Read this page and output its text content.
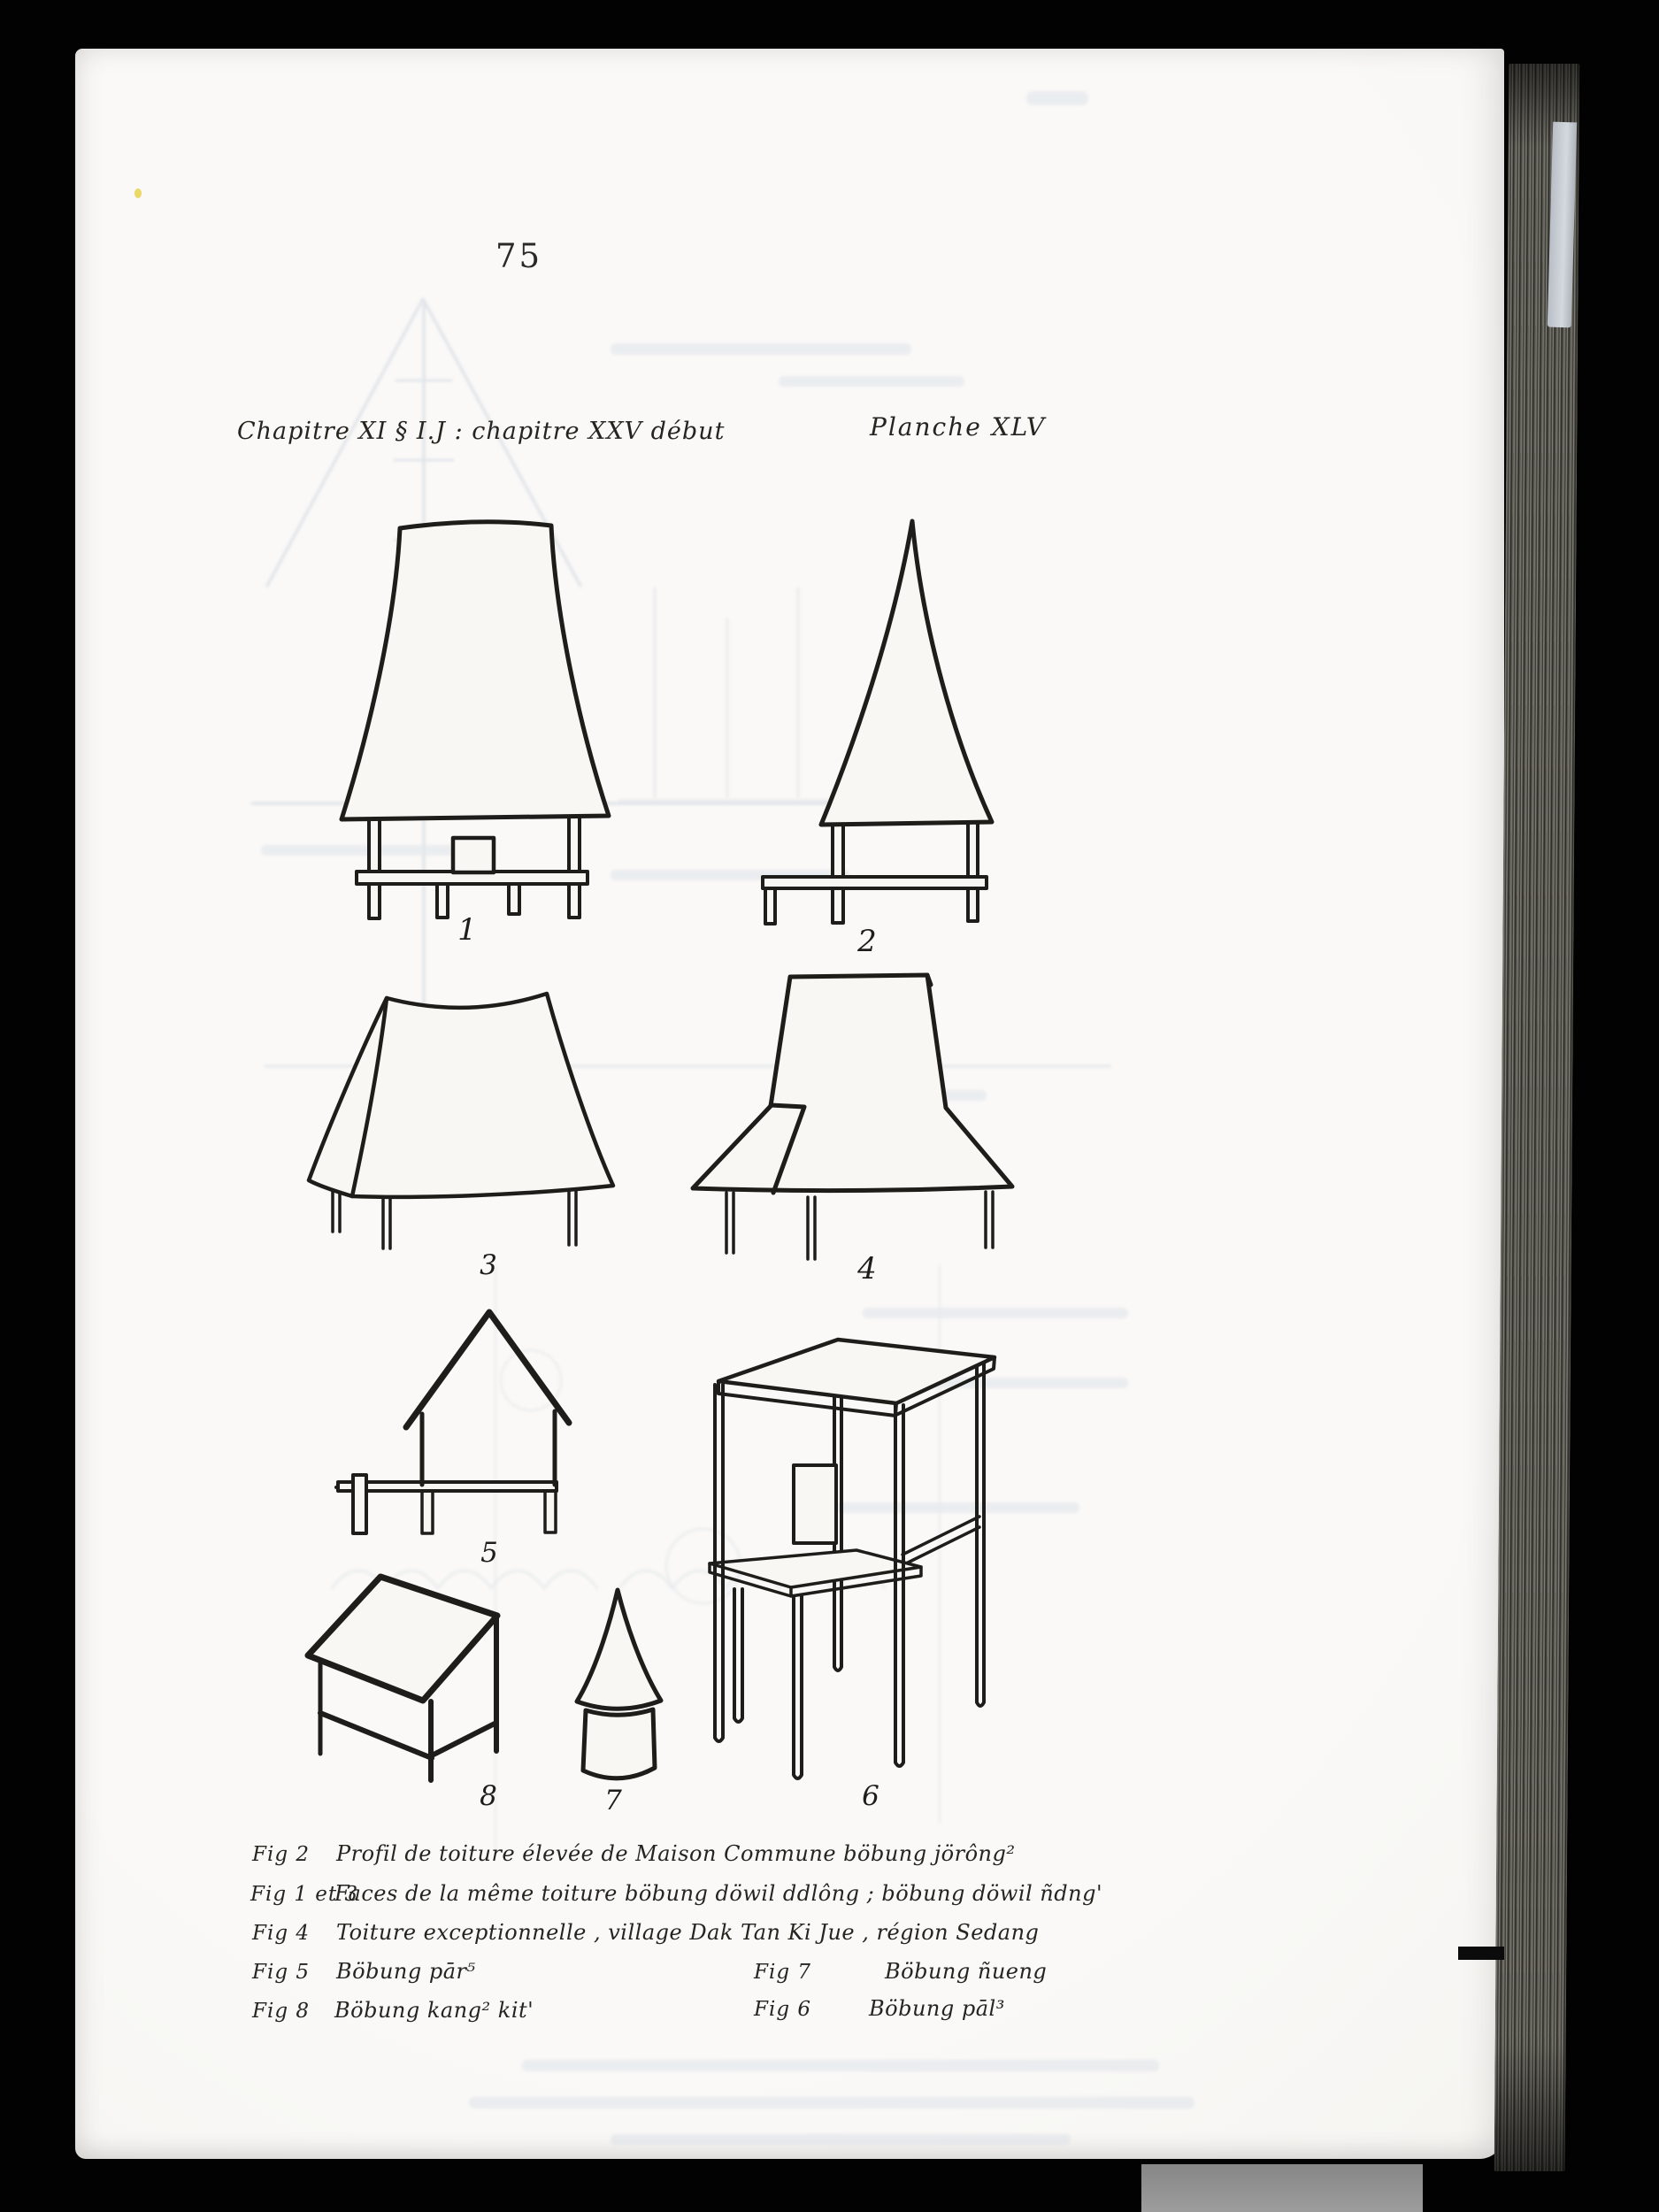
1	2
3	4
5
6
7
8
75
Chapitre XI § I.J : chapitre XXV début	Planche XLV
Fig 2 Profil de toiture élevée de Maison Commune böbung jörông²
Fig 1 et 3
Faces de la même toiture böbung döwil ddlông ; böbung döwil ñdng'
Fig 4 Toiture exceptionnelle , village Dak Tan Ki Jue , région Sedang
Fig 5 Böbung pār⁵	Fig 7	Böbung ñueng
Fig 8 Böbung kang² kit'	Fig 6	Böbung pāl³
